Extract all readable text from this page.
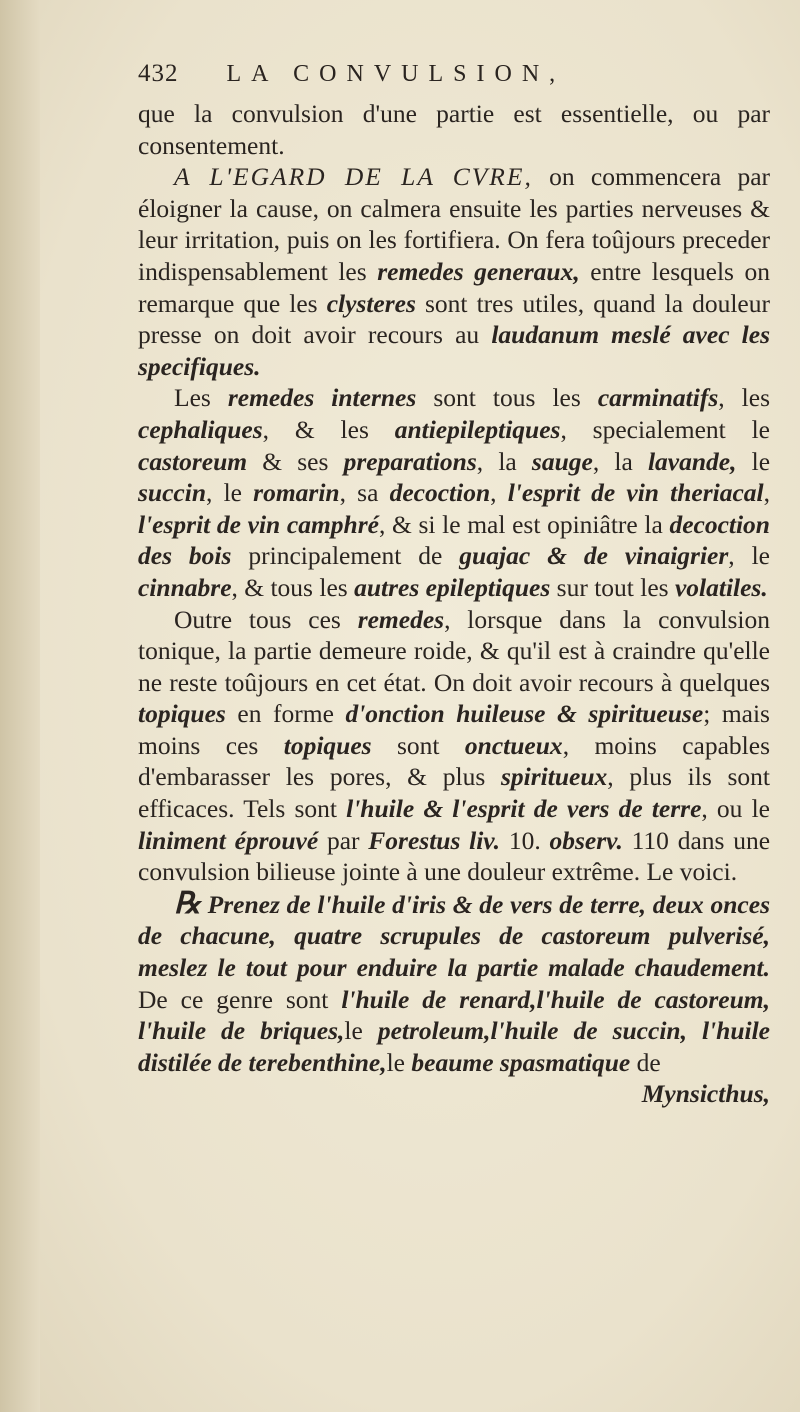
432 LA CONVULSION,

que la convulsion d'une partie est essentielle, ou par consentement.

A L'EGARD DE LA CVRE, on commencera par éloigner la cause, on calmera ensuite les parties nerveuses & leur irritation, puis on les fortifiera. On fera toûjours preceder indispensablement les remedes generaux, entre lesquels on remarque que les clysteres sont tres utiles, quand la douleur presse on doit avoir recours au laudanum meslé avec les specifiques.

Les remedes internes sont tous les carminatifs, les cephaliques, & les antiepileptiques, specialement le castoreum & ses preparations, la sauge, la lavande, le succin, le romarin, sa decoction, l'esprit de vin theriacal, l'esprit de vin camphré, & si le mal est opiniâtre la decoction des bois principalement de guajac & de vinaigrier, le cinnabre, & tous les autres epileptiques sur tout les volatiles.

Outre tous ces remedes, lorsque dans la convulsion tonique, la partie demeure roide, & qu'il est à craindre qu'elle ne reste toûjours en cet état. On doit avoir recours à quelques topiques en forme d'onction huileuse & spiritueuse; mais moins ces topiques sont onctueux, moins capables d'embarasser les pores, & plus spiritueux, plus ils sont efficaces. Tels sont l'huile & l'esprit de vers de terre, ou le liniment éprouvé par Forestus liv. 10. observ. 110 dans une convulsion bilieuse jointe à une douleur extrême. Le voici.

℞ Prenez de l'huile d'iris & de vers de terre, deux onces de chacune, quatre scrupules de castoreum pulverisé, meslez le tout pour enduire la partie malade chaudement. De ce genre sont l'huile de renard,l'huile de castoreum, l'huile de briques,le petroleum,l'huile de succin, l'huile distilée de terebenthine,le beaume spasmatique de

Mynsicthus,
